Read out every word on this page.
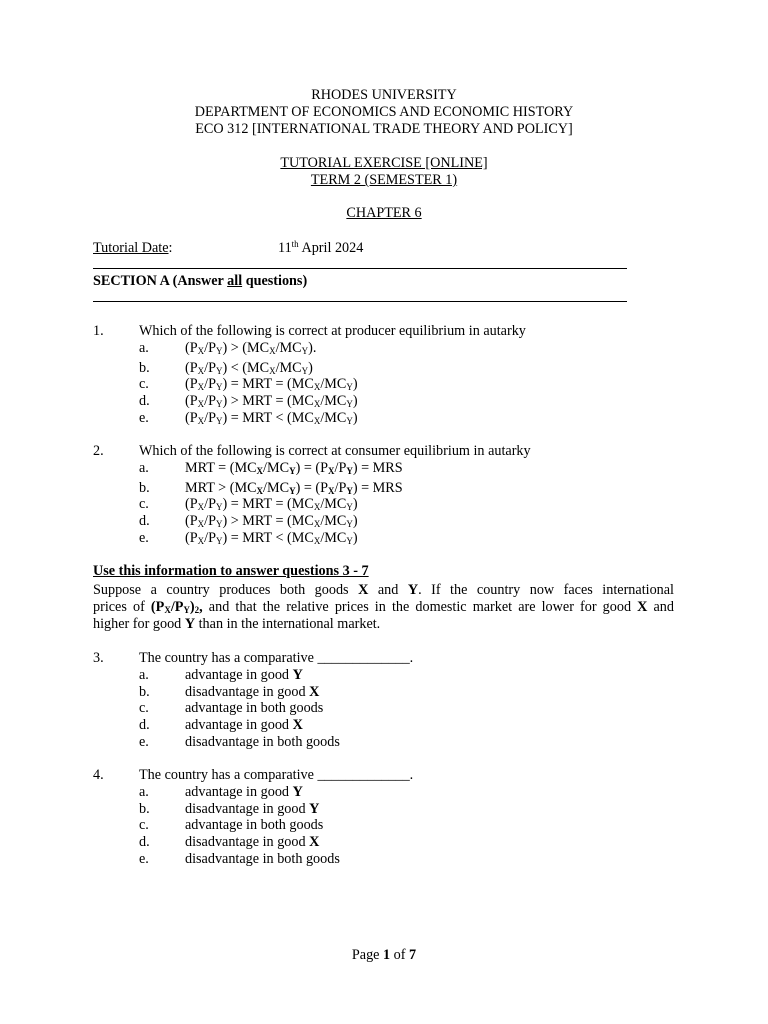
RHODES UNIVERSITY
DEPARTMENT OF ECONOMICS AND ECONOMIC HISTORY
ECO 312 [INTERNATIONAL TRADE THEORY AND POLICY]
TUTORIAL EXERCISE [ONLINE]
TERM 2 (SEMESTER 1)
CHAPTER 6
Tutorial Date:	11th April 2024
SECTION A (Answer all questions)
1. Which of the following is correct at producer equilibrium in autarky
a.	$(P_X/P_Y) > (MC_X/MC_Y)$.
b. $(P_X/P_Y) < (MC_X/MC_Y)$
c.	$(P_X/P_Y)$ = MRT = $(MC_X/MC_Y)$
d. $(P_X/P_Y)$ > MRT = $(MC_X/MC_Y)$
e.	$(P_X/P_Y)$ = MRT < $(MC_X/MC_Y)$
2. Which of the following is correct at consumer equilibrium in autarky
a.	MRT = $(MC_X/MC_Y) = (P_X/P_Y)$ = MRS
b. MRT > $(MC_X/MC_Y) = (P_X/P_Y)$ = MRS
c.	$(P_X/P_Y)$ = MRT = $(MC_X/MC_Y)$
d. $(P_X/P_Y)$ > MRT = $(MC_X/MC_Y)$
e.	$(P_X/P_Y)$ = MRT < $(MC_X/MC_Y)$
Use this information to answer questions 3 - 7
Suppose a country produces both goods X and Y. If the country now faces international
prices of $(P_X/P_Y)_2$, and that the relative prices in the domestic market are lower for good X and
higher for good Y than in the international market.
3. The country has a comparative _____________.
a.	advantage in good Y
b. disadvantage in good X
c.	advantage in both goods
d. advantage in good X
e.	disadvantage in both goods
4. The country has a comparative _____________.
a.	advantage in good Y
b. disadvantage in good Y
c.	advantage in both goods
d. disadvantage in good X
e.	disadvantage in both goods
Page 1 of 7
